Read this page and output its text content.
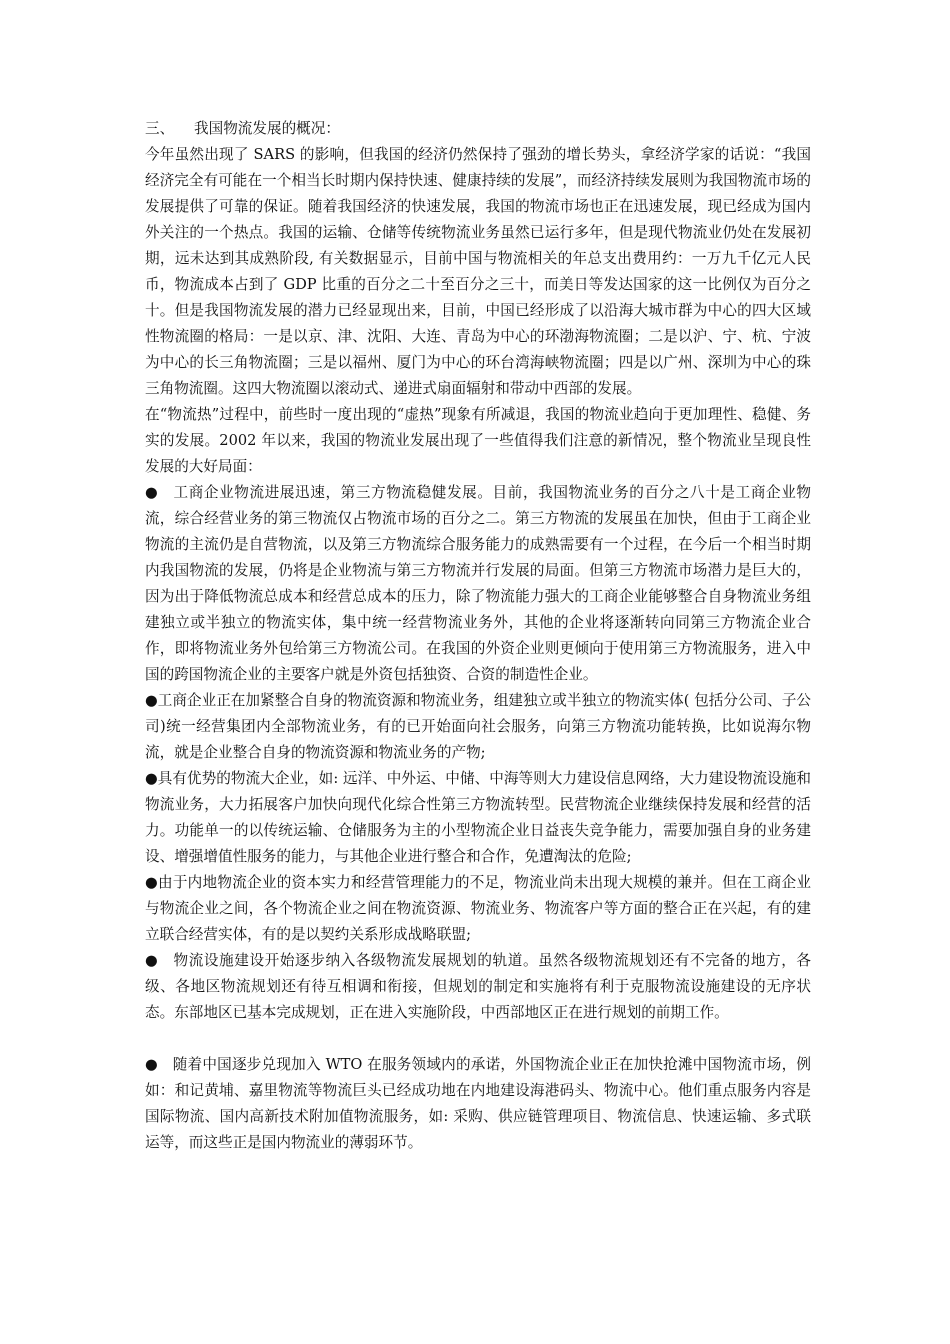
三、 我国物流发展的概况：

今年虽然出现了 SARS 的影响，但我国的经济仍然保持了强劲的增长势头，拿经济学家的话说：“我国经济完全有可能在一个相当长时期内保持快速、健康持续的发展”，而经济持续发展则为我国物流市场的发展提供了可靠的保证。随着我国经济的快速发展，我国的物流市场也正在迅速发展，现已经成为国内外关注的一个热点。我国的运输、仓储等传统物流业务虽然已运行多年，但是现代物流业仍处在发展初期，远未达到其成熟阶段, 有关数据显示，目前中国与物流相关的年总支出费用约：一万九千亿元人民币，物流成本占到了 GDP 比重的百分之二十至百分之三十，而美日等发达国家的这一比例仅为百分之十。但是我国物流发展的潜力已经显现出来，目前，中国已经形成了以沿海大城市群为中心的四大区域性物流圈的格局：一是以京、津、沈阳、大连、青岛为中心的环渤海物流圈；二是以沪、宁、杭、宁波为中心的长三角物流圈；三是以福州、厦门为中心的环台湾海峡物流圈；四是以广州、深圳为中心的珠三角物流圈。这四大物流圈以滚动式、递进式扇面辐射和带动中西部的发展。

在“物流热”过程中，前些时一度出现的“虚热”现象有所减退，我国的物流业趋向于更加理性、稳健、务实的发展。2002 年以来，我国的物流业发展出现了一些值得我们注意的新情况，整个物流业呈现良性发展的大好局面：

●　工商企业物流进展迅速，第三方物流稳健发展。目前，我国物流业务的百分之八十是工商企业物流，综合经营业务的第三物流仅占物流市场的百分之二。第三方物流的发展虽在加快，但由于工商企业物流的主流仍是自营物流，以及第三方物流综合服务能力的成熟需要有一个过程，在今后一个相当时期内我国物流的发展，仍将是企业物流与第三方物流并行发展的局面。但第三方物流市场潜力是巨大的，因为出于降低物流总成本和经营总成本的压力，除了物流能力强大的工商企业能够整合自身物流业务组建独立或半独立的物流实体，集中统一经营物流业务外，其他的企业将逐渐转向同第三方物流企业合作，即将物流业务外包给第三方物流公司。在我国的外资企业则更倾向于使用第三方物流服务，进入中国的跨国物流企业的主要客户就是外资包括独资、合资的制造性企业。

●工商企业正在加紧整合自身的物流资源和物流业务，组建独立或半独立的物流实体( 包括分公司、子公司)统一经营集团内全部物流业务，有的已开始面向社会服务，向第三方物流功能转换，比如说海尔物流，就是企业整合自身的物流资源和物流业务的产物;

●具有优势的物流大企业，如: 远洋、中外运、中储、中海等则大力建设信息网络，大力建设物流设施和物流业务，大力拓展客户加快向现代化综合性第三方物流转型。民营物流企业继续保持发展和经营的活力。功能单一的以传统运输、仓储服务为主的小型物流企业日益丧失竞争能力，需要加强自身的业务建设、增强增值性服务的能力，与其他企业进行整合和合作，免遭淘汰的危险;

●由于内地物流企业的资本实力和经营管理能力的不足，物流业尚未出现大规模的兼并。但在工商企业与物流企业之间，各个物流企业之间在物流资源、物流业务、物流客户等方面的整合正在兴起，有的建立联合经营实体，有的是以契约关系形成战略联盟;

●　物流设施建设开始逐步纳入各级物流发展规划的轨道。虽然各级物流规划还有不完备的地方，各级、各地区物流规划还有待互相调和衔接，但规划的制定和实施将有利于克服物流设施建设的无序状态。东部地区已基本完成规划，正在进入实施阶段，中西部地区正在进行规划的前期工作。

●　随着中国逐步兑现加入 WTO 在服务领域内的承诺，外国物流企业正在加快抢滩中国物流市场，例如：和记黄埔、嘉里物流等物流巨头已经成功地在内地建设海港码头、物流中心。他们重点服务内容是国际物流、国内高新技术附加值物流服务，如: 采购、供应链管理项目、物流信息、快速运输、多式联运等，而这些正是国内物流业的薄弱环节。
